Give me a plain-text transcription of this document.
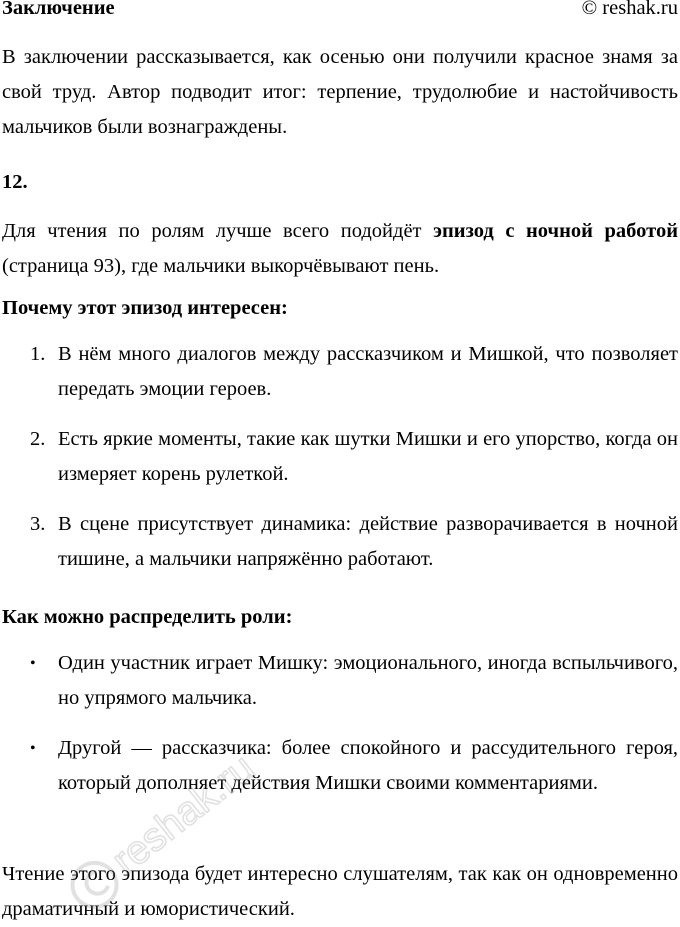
Заключение	© reshak.ru

В заключении рассказывается, как осенью они получили красное знамя за свой труд. Автор подводит итог: терпение, трудолюбие и настойчивость мальчиков были вознаграждены.

12.

Для чтения по ролям лучше всего подойдёт эпизод с ночной работой (страница 93), где мальчики выкорчёвывают пень.

Почему этот эпизод интересен:

1. В нём много диалогов между рассказчиком и Мишкой, что позволяет передать эмоции героев.
2. Есть яркие моменты, такие как шутки Мишки и его упорство, когда он измеряет корень рулеткой.
3. В сцене присутствует динамика: действие разворачивается в ночной тишине, а мальчики напряжённо работают.

Как можно распределить роли:

• Один участник играет Мишку: эмоционального, иногда вспыльчивого, но упрямого мальчика.
• Другой — рассказчика: более спокойного и рассудительного героя, который дополняет действия Мишки своими комментариями.

Чтение этого эпизода будет интересно слушателям, так как он одновременно драматичный и юмористический.

reshak.ru
